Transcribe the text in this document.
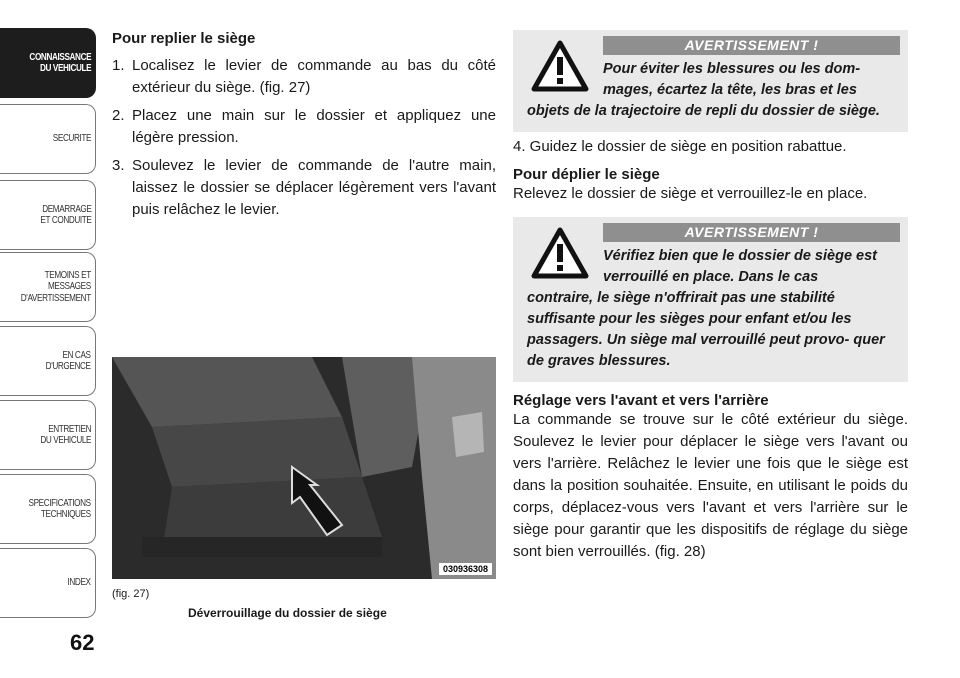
CONNAISSANCE
DU VEHICULE
SECURITE
DEMARRAGE
ET CONDUITE
TEMOINS ET
MESSAGES
D'AVERTISSEMENT
EN CAS
D'URGENCE
ENTRETIEN
DU VEHICULE
SPECIFICATIONS
TECHNIQUES
INDEX
62
Pour replier le siège
1. Localisez le levier de commande au bas du côté extérieur du siège. (fig. 27)
2. Placez une main sur le dossier et appliquez une légère pression.
3. Soulevez le levier de commande de l'autre main, laissez le dossier se déplacer légèrement vers l'avant puis relâchez le levier.
030936308
(fig. 27)
Déverrouillage du dossier de siège
AVERTISSEMENT !
Pour éviter les blessures ou les dom- mages, écartez la tête, les bras et les
objets de la trajectoire de repli du dossier de siège.
4. Guidez le dossier de siège en position rabattue.
Pour déplier le siège
Relevez le dossier de siège et verrouillez-le en place.
AVERTISSEMENT !
Vérifiez bien que le dossier de siège est verrouillé en place. Dans le cas
contraire, le siège n'offrirait pas une stabilité suffisante pour les sièges pour enfant et/ou les passagers. Un siège mal verrouillé peut provo- quer de graves blessures.
Réglage vers l'avant et vers l'arrière
La commande se trouve sur le côté extérieur du siège. Soulevez le levier pour déplacer le siège vers l'avant ou vers l'arrière. Relâchez le levier une fois que le siège est dans la position souhaitée. Ensuite, en utilisant le poids du corps, déplacez-vous vers l'avant et vers l'arrière sur le siège pour garantir que les dispositifs de réglage du siège sont bien verrouillés. (fig. 28)
